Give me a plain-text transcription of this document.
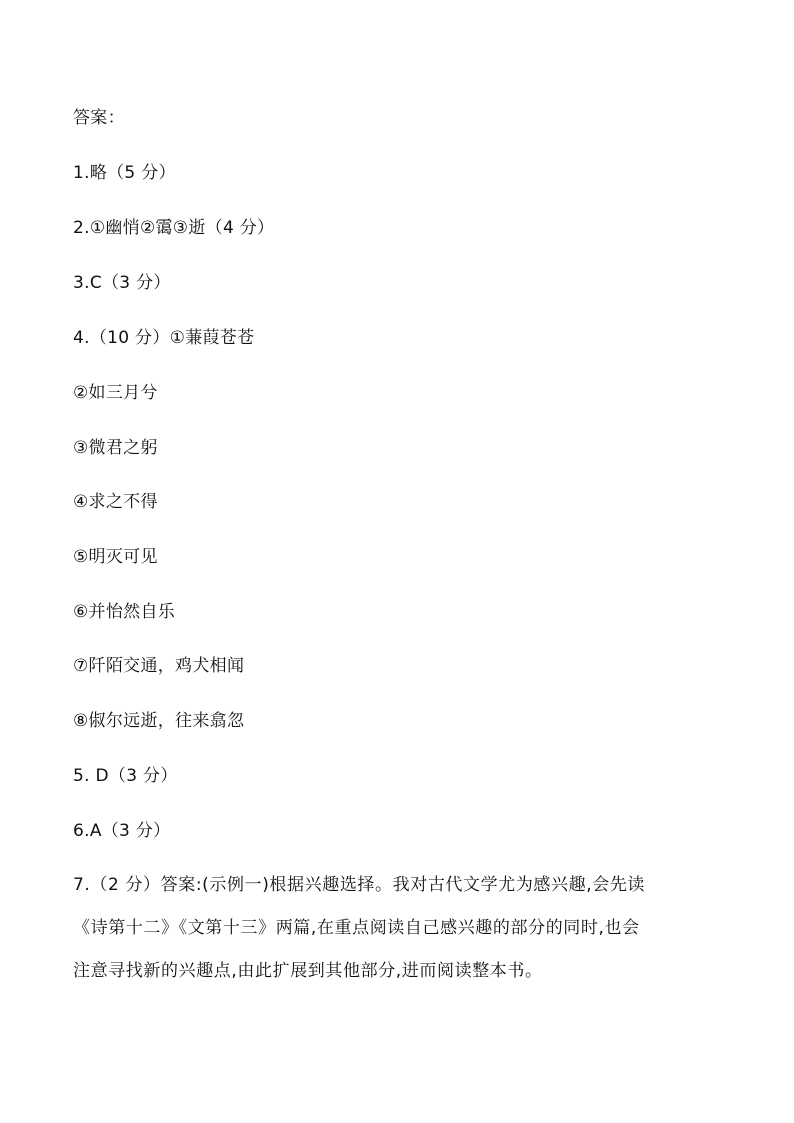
答案：
1.略（5 分）
2.①幽悄②霭③逝（4 分）
3.C（3 分）
4.（10 分）①蒹葭苍苍
②如三月兮
③微君之躬
④求之不得
⑤明灭可见
⑥并怡然自乐
⑦阡陌交通，鸡犬相闻
⑧俶尔远逝，往来翕忽
5. D（3 分）
6.A（3 分）
7.（2 分）答案:(示例一)根据兴趣选择。我对古代文学尤为感兴趣,会先读
《诗第十二》《文第十三》两篇,在重点阅读自己感兴趣的部分的同时,也会
注意寻找新的兴趣点,由此扩展到其他部分,进而阅读整本书。
